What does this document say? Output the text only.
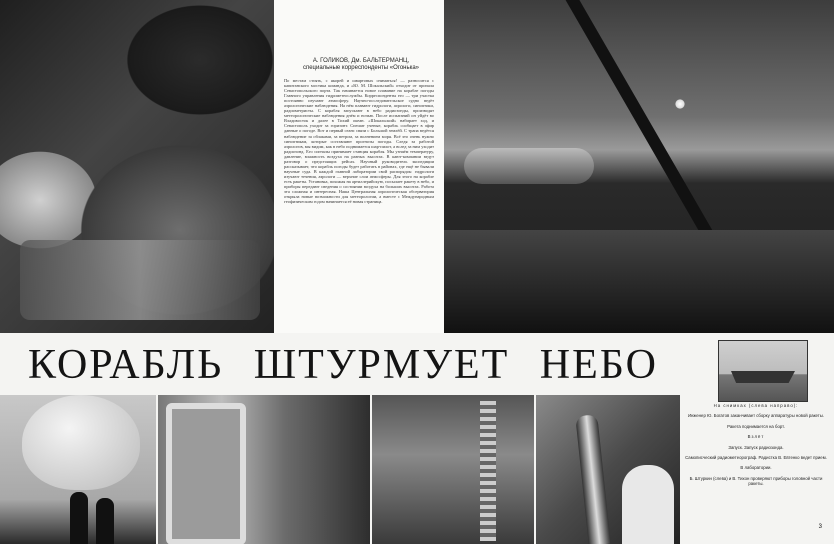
А. ГОЛИКОВ, Дм. БАЛЬТЕРМАНЦ,
специальные корреспонденты «Огонька»
По местам стоять, с якорей и швартовых сниматься! — разносится с капитанского мостика команда, и «Ю. М. Шокальский» отходит от причала Севастопольского порта. Так начинается новое плавание на корабле погоды Главного управления гидрометеослужбы. Корреспонденты его — три участка постоянно изучают атмосферу. Научно-исследовательское судно ведёт аэрологические наблюдения. На нём плавают гидрологи, аэрологи, синоптики, радиометристы. С корабля запускают в небо радиозонды, производят метеорологические наблюдения днём и ночью. После испытаний он уйдёт во Владивосток и далее в Тихий океан. «Шокальский» набирает ход, и Севастополь уходит за горизонт. Спешат ученые, корабль сообщает в эфир данные о погоде. Вот и первый сеанс связи с Большой землёй. С трапа ведётся наблюдение за облаками, за ветром, за волнением моря. Всё это очень нужно синоптикам, которые составляют прогнозы погоды. Следя за работой аэрологов, мы видим, как в небо поднимается шар-пилот, а вслед за ним уходит радиозонд. Его сигналы принимает станция корабля. Мы узнаём температуру, давление, влажность воздуха на разных высотах. В кают-компании ведут разговор о предстоящих рейсах. Научный руководитель экспедиции рассказывает, что корабль погоды будет работать в районах, где ещё не бывали научные суда. В каждой главной лаборатории свой распорядок: гидрологи изучают течения, аэрологи — верхние слои атмосферы. Для этого на корабле есть ракеты. Установка, похожая на артиллерийскую, посылает ракету в небо, и приборы передают сведения о состоянии воздуха на больших высотах. Работа эта сложная и интересная. Наша Центральная аэрологическая обсерватория открыла новые возможности для метеорологии, а вместе с Международным геофизическим годом начинается её новая страница.
КОРАБЛЬ ШТУРМУЕТ НЕБО

На снимках (слева направо):

Инженер Ю. Богатов заканчивает сборку аппаратуры новой ракеты.

Ракета поднимается на борт.

Взлёт

Запуск. Запуск радиозонда.

Самописческий радиометеорограф. Радистка В. Евтенко ведет прием.

В лаборатории.

Б. Штуркин (слева) и В. Тихон проверяют приборы головной части ракеты.

3
